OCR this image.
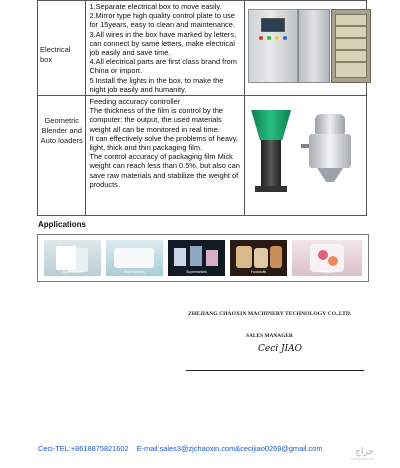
Electrical box	1.Separate electrical box to move easily.
2.Mirror type high quality control plate to use for 15years, easy to clean and maintenance.
3.All wires in the box have marked by letters, can connect by same letters, make electrical job easily and save time.
4.All electrical parts are first class brand from China or import.
5.Install the lights in the box, to make the night job easily and humanity.	

Geometric Blender and Auto loaders	Feeding accuracy controller
The thickness of the film is control by the computer: the output, the used materials weight all can be monitored in real time.
It can effectively solve the problems of heavy, light, thick and thin packaging film.
The control accuracy of packaging film Mick weight can reach less than 0.5%, but also can save raw materials and stabilize the weight of products.	

Applications
Supermarkets	Supermarkets	Supermarkets	Foodstuffs	Foodstuffs

ZHEJIANG CHAOXIN MACHINERY TECHNOLOGY CO.,LTD.

SALES MANAGER

Ceci JIAO

Ceci-TEL:+8618875821602 E-mail:sales3@zjchaoxin.com&cecijiao0269@gmail.com	حراج
haraj.com.sa
